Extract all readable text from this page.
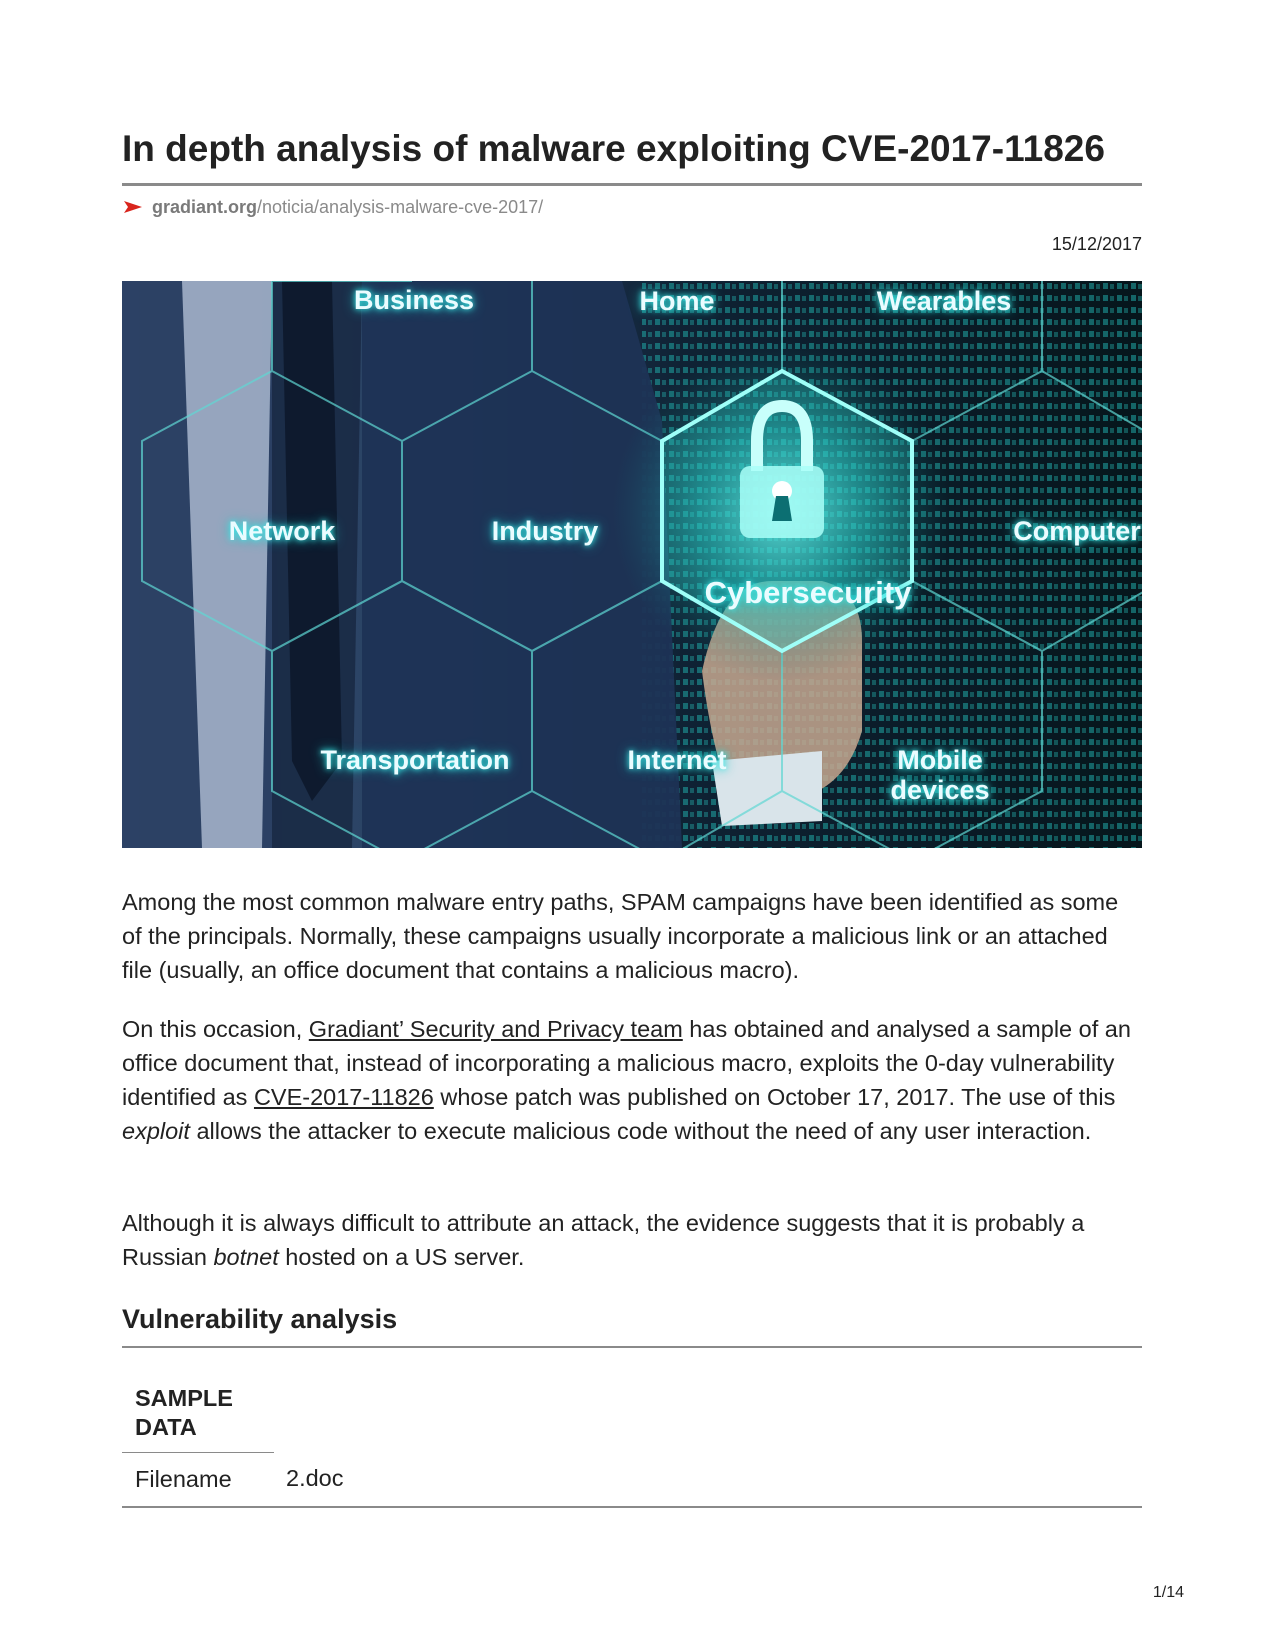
In depth analysis of malware exploiting CVE-2017-11826
gradiant.org/noticia/analysis-malware-cve-2017/
15/12/2017
Business	Home	Wearables
Network	Industry	Computer
Cybersecurity
Transportation	Internet	Mobile
devices

Among the most common malware entry paths, SPAM campaigns have been identified as some of the principals. Normally, these campaigns usually incorporate a malicious link or an attached file (usually, an office document that contains a malicious macro).

On this occasion, Gradiant’ Security and Privacy team has obtained and analysed a sample of an office document that, instead of incorporating a malicious macro, exploits the 0-day vulnerability identified as CVE-2017-11826 whose patch was published on October 17, 2017. The use of this exploit allows the attacker to execute malicious code without the need of any user interaction.

Although it is always difficult to attribute an attack, the evidence suggests that it is probably a Russian botnet hosted on a US server.

Vulnerability analysis
SAMPLE DATA
Filename 2.doc
1/14
